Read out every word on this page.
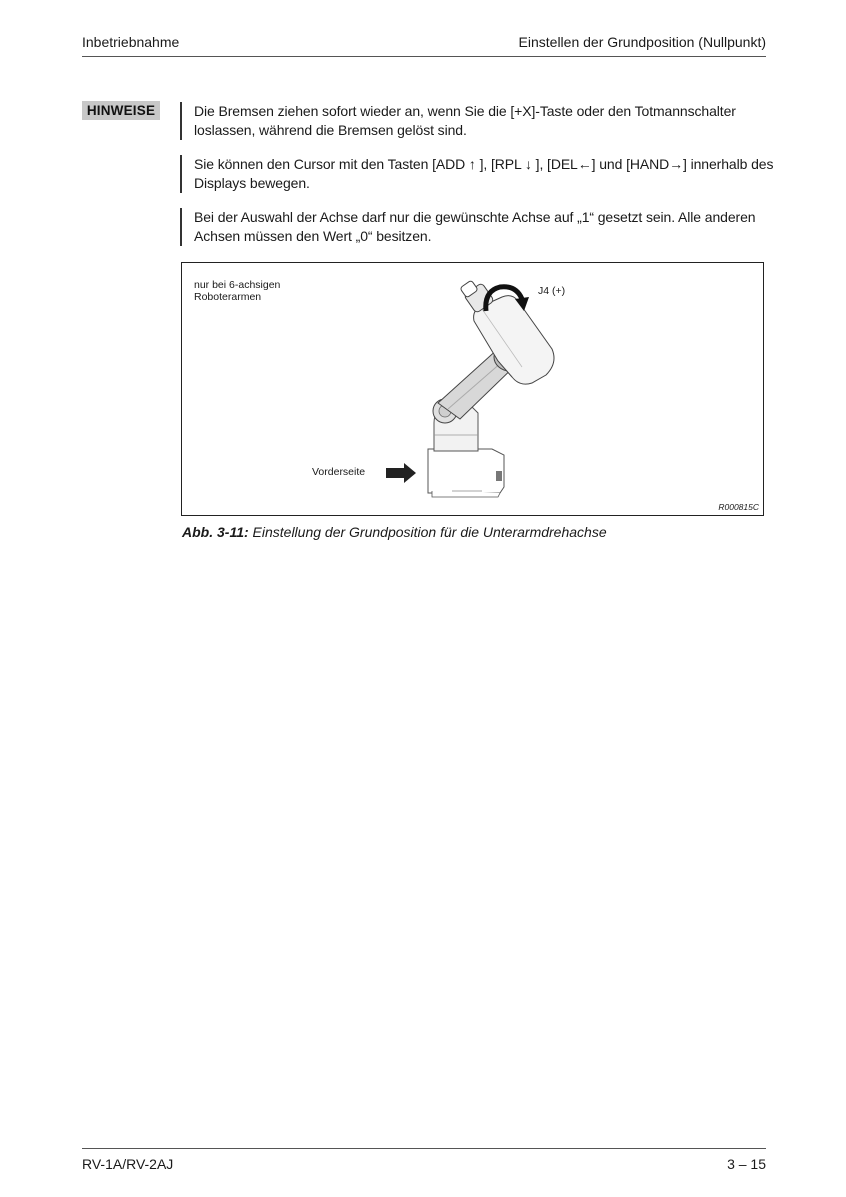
Inbetriebnahme	Einstellen der Grundposition (Nullpunkt)
HINWEISE	Die Bremsen ziehen sofort wieder an, wenn Sie die [+X]-Taste oder den Totmannschalter loslassen, während die Bremsen gelöst sind.

Sie können den Cursor mit den Tasten [ADD ↑ ], [RPL ↓ ], [DEL←] und [HAND→] innerhalb des Displays bewegen.

Bei der Auswahl der Achse darf nur die gewünschte Achse auf „1“ gesetzt sein. Alle anderen Achsen müssen den Wert „0“ besitzen.

nur bei 6-achsigen
Roboterarmen	J4 (+)
Vorderseite
R000815C
Abb. 3-11: Einstellung der Grundposition für die Unterarmdrehachse
RV-1A/RV-2AJ	3 – 15
